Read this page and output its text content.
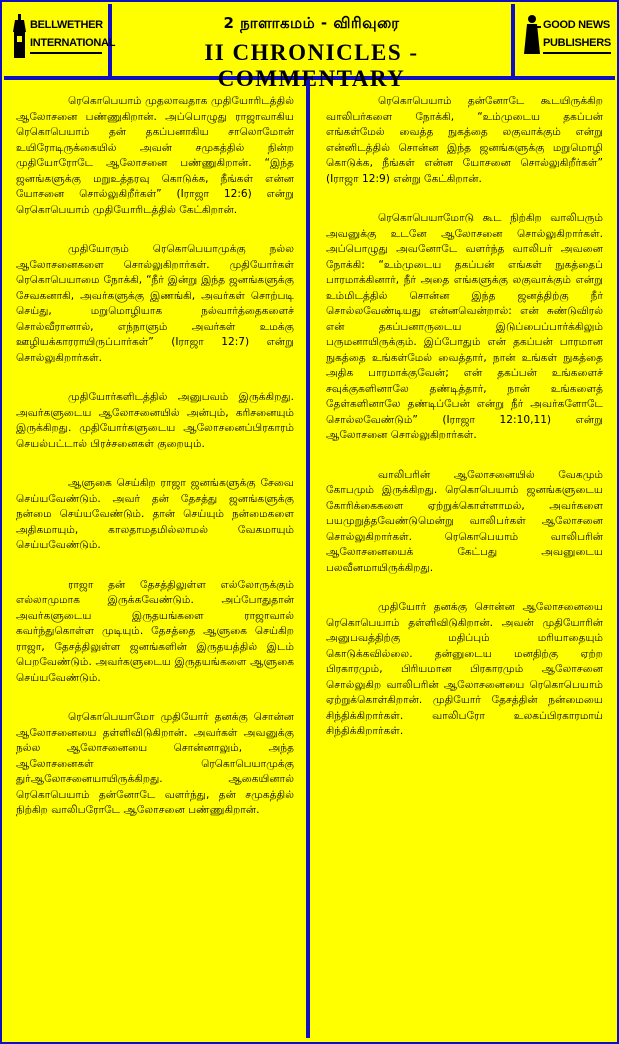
BELLWETHER INTERNATIONAL
2 நாளாகமம் - விரிவுரை
II CHRONICLES - COMMENTARY
GOOD NEWS PUBLISHERS

ரெகொபெயாம் முதலாவதாக முதியோரிடத்தில் ஆலோசனை பண்ணுகிறான். அப்பொழுது ராஜாவாகிய ரெகொபெயாம் தன் தகப்பனாகிய சாலொமோன் உயிரோடிருக்கையில் அவன் சமுகத்தில் நின்ற முதியோரோடே ஆலோசனை பண்ணுகிறான். “இந்த ஜனங்களுக்கு மறுஉத்தரவு கொடுக்க, நீங்கள் என்ன யோசனை சொல்லுகிறீர்கள்” (Iராஜா 12:6) என்று ரெகொபெயாம் முதியோரிடத்தில் கேட்கிறான்.

முதியோரும் ரெகொபெயாமுக்கு நல்ல ஆலோசனைகளை சொல்லுகிறார்கள். முதியோர்கள் ரெகொபெயாமை நோக்கி, “நீர் இன்று இந்த ஜனங்களுக்கு சேவகனாகி, அவர்களுக்கு இணங்கி, அவர்கள் சொற்படி செய்து, மறுமொழியாக நல்வார்த்தைகளைச் சொல்வீரானால், எந்நாளும் அவர்கள் உமக்கு ஊழியக்காரராயிருப்பார்கள்” (Iராஜா 12:7) என்று சொல்லுகிறார்கள்.

முதியோர்களிடத்தில் அனுபவம் இருக்கிறது. அவர்களுடைய ஆலோசனையில் அன்பும், கரிசனையும் இருக்கிறது. முதியோர்களுடைய ஆலோசனைப்பிரகாரம் செயல்பட்டால் பிரச்சனைகள் குறையும்.

ஆளுகை செய்கிற ராஜா ஜனங்களுக்கு சேவை செய்யவேண்டும். அவர் தன் தேசத்து ஜனங்களுக்கு நன்மை செய்யவேண்டும். தான் செய்யும் நன்மைகளை அதிகமாயும், காலதாமதமில்லாமல் வேகமாயும் செய்யவேண்டும்.

ராஜா தன் தேசத்திலுள்ள எல்லோருக்கும் எல்லாமுமாக இருக்கவேண்டும். அப்போதுதான் அவர்களுடைய இருதயங்களை ராஜாவால் கவர்ந்துகொள்ள முடியும். தேசத்தை ஆளுகை செய்கிற ராஜா, தேசத்திலுள்ள ஜனங்களின் இருதயத்தில் இடம் பெறவேண்டும். அவர்களுடைய இருதயங்களை ஆளுகை செய்யவேண்டும்.

ரெகொபெயாமோ முதியோர் தனக்கு சொன்ன ஆலோசனையை தள்ளிவிடுகிறான். அவர்கள் அவனுக்கு நல்ல ஆலோசனையை சொன்னாலும், அந்த ஆலோசனைகள் ரெகொபெயாமுக்கு துர்ஆலோசனையாயிருக்கிறது. ஆகையினால் ரெகொபெயாம் தன்னோடே வளர்ந்து, தன் சமுகத்தில் நிற்கிற வாலிபரோடே ஆலோசனை பண்ணுகிறான்.

ரெகொபெயாம் தன்னோடே கூடயிருக்கிற வாலிபர்களை நோக்கி, “உம்முடைய தகப்பன் எங்கள்மேல் வைத்த நுகத்தை லகுவாக்கும் என்று என்னிடத்தில் சொன்ன இந்த ஜனங்களுக்கு மறுமொழி கொடுக்க, நீங்கள் என்ன யோசனை சொல்லுகிறீர்கள்” (Iராஜா 12:9) என்று கேட்கிறான்.

ரெகொபெயாமோடு கூட நிற்கிற வாலிபரும் அவனுக்கு உடனே ஆலோசனை சொல்லுகிறார்கள். அப்பொழுது அவனோடே வளர்ந்த வாலிபர் அவனை நோக்கி: “உம்முடைய தகப்பன் எங்கள் நுகத்தைப் பாரமாக்கினார், நீர் அதை எங்களுக்கு லகுவாக்கும் என்று உம்மிடத்தில் சொன்ன இந்த ஜனத்திற்கு நீர் சொல்லவேண்டியது என்னவென்றால்: என் சுண்டுவிரல் என் தகப்பனாருடைய இடுப்பைப்பார்க்கிலும் பருமனாயிருக்கும். இப்போதும் என் தகப்பன் பாரமான நுகத்தை உங்கள்மேல் வைத்தார், நான் உங்கள் நுகத்தை அதிக பாரமாக்குவேன்; என் தகப்பன் உங்களைச் சவுக்குகளினாலே தண்டித்தார், நான் உங்களைத் தேள்களினாலே தண்டிப்பேன் என்று நீர் அவர்களோடே சொல்லவேண்டும்” (Iராஜா 12:10,11) என்று ஆலோசனை சொல்லுகிறார்கள்.

வாலிபரின் ஆலோசனையில் வேகமும் கோபமும் இருக்கிறது. ரெகொபெயாம் ஜனங்களுடைய கோரிக்கைகளை ஏற்றுக்கொள்ளாமல், அவர்களை பயமுறுத்தவேண்டுமென்று வாலிபர்கள் ஆலோசனை சொல்லுகிறார்கள். ரெகொபெயாம் வாலிபரின் ஆலோசனையைக் கேட்பது அவனுடைய பலவீனமாயிருக்கிறது.

முதியோர் தனக்கு சொன்ன ஆலோசனையை ரெகொபெயாம் தள்ளிவிடுகிறான். அவன் முதியோரின் அனுபவத்திற்கு மதிப்பும் மரியாதையும் கொடுக்கவில்லை. தன்னுடைய மனதிற்கு ஏற்ற பிரகாரமும், பிரியமான பிரகாரமும் ஆலோசனை சொல்லுகிற வாலிபரின் ஆலோசனையை ரெகொபெயாம் ஏற்றுக்கொள்கிறான். முதியோர் தேசத்தின் நன்மையை சிந்திக்கிறார்கள். வாலிபரோ உலகப்பிரகாரமாய் சிந்திக்கிறார்கள்.
